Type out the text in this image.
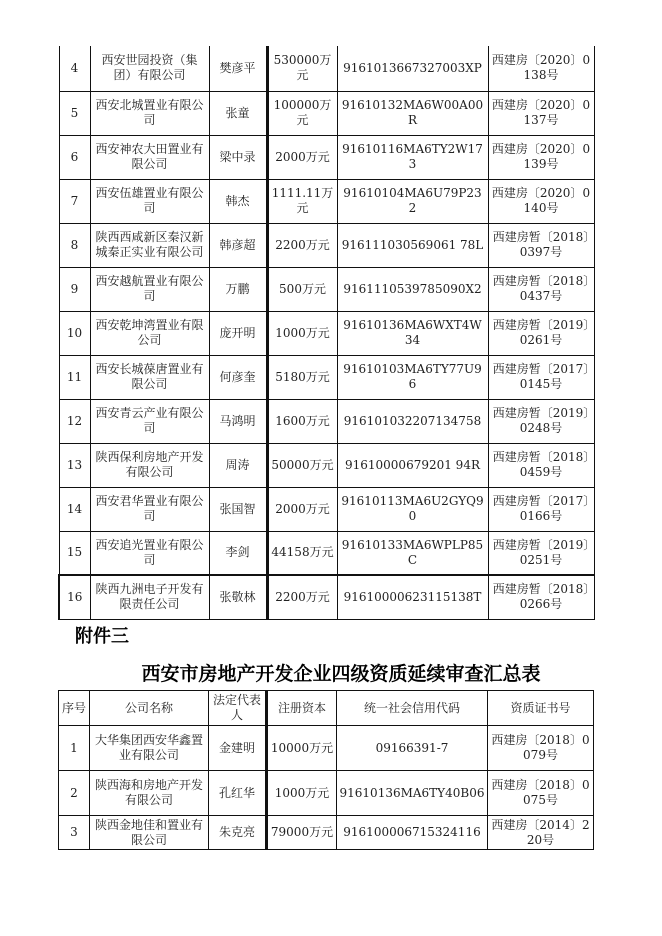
4	西安世园投资（集团）有限公司	樊彦平	530000万元	9161013667327003XP	西建房〔2020〕0138号
5	西安北城置业有限公司	张童	100000万元	91610132MA6W00A00R	西建房〔2020〕0137号
6	西安神农大田置业有限公司	梁中录	2000万元	91610116MA6TY2W173	西建房〔2020〕0139号
7	西安伍雄置业有限公司	韩杰	1111.11万元	91610104MA6U79P232	西建房〔2020〕0140号
8	陕西西咸新区秦汉新城秦正实业有限公司	韩彦超	2200万元	916111030569061 78L	西建房暂〔2018〕0397号
9	西安越航置业有限公司	万鹏	500万元	9161110539785090X2	西建房暂〔2018〕0437号
10	西安乾坤湾置业有限公司	庞开明	1000万元	91610136MA6WXT4W34	西建房暂〔2019〕0261号
11	西安长城葆唐置业有限公司	何彦奎	5180万元	91610103MA6TY77U96	西建房暂〔2017〕0145号
12	西安青云产业有限公司	马鸿明	1600万元	916101032207134758	西建房暂〔2019〕0248号
13	陕西保利房地产开发有限公司	周涛	50000万元	91610000679201 94R	西建房暂〔2018〕0459号
14	西安君华置业有限公司	张国智	2000万元	91610113MA6U2GYQ90	西建房暂〔2017〕0166号
15	西安追光置业有限公司	李剑	44158万元	91610133MA6WPLP85C	西建房暂〔2019〕0251号
16	陕西九洲电子开发有限责任公司	张敬林	2200万元	91610000623115138T	西建房暂〔2018〕0266号
附件三
西安市房地产开发企业四级资质延续审查汇总表
序号	公司名称	法定代表人	注册资本	统一社会信用代码	资质证书号
1	大华集团西安华鑫置业有限公司	金建明	10000万元	09166391-7	西建房〔2018〕0079号
2	陕西海和房地产开发有限公司	孔红华	1000万元	91610136MA6TY40B06	西建房〔2018〕0075号
3	陕西金地佳和置业有限公司	朱克亮	79000万元	916100006715324116	西建房〔2014〕220号
